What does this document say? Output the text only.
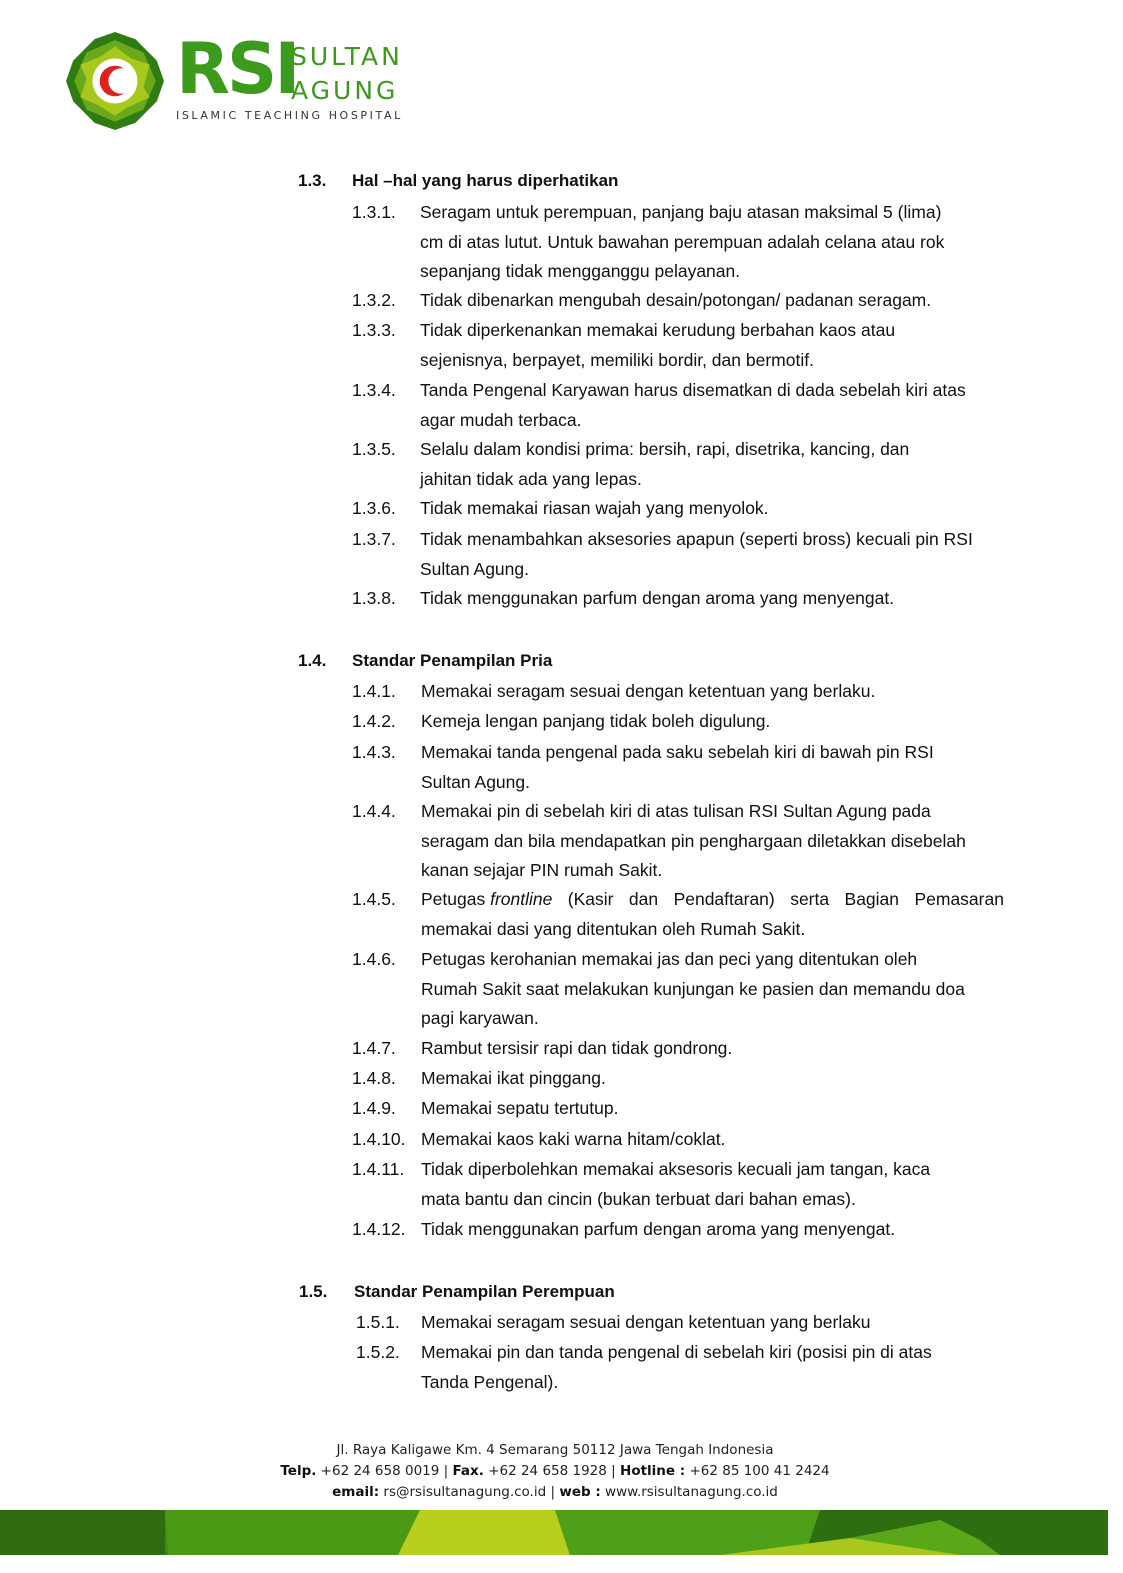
RSI
SULTAN
AGUNG
ISLAMIC TEACHING HOSPITAL
1.3. Hal –hal yang harus diperhatikan
1.3.1. Seragam untuk perempuan, panjang baju atasan maksimal 5 (lima)
cm di atas lutut. Untuk bawahan perempuan adalah celana atau rok
sepanjang tidak mengganggu pelayanan.
1.3.2. Tidak dibenarkan mengubah desain/potongan/ padanan seragam.
1.3.3. Tidak diperkenankan memakai kerudung berbahan kaos atau
sejenisnya, berpayet, memiliki bordir, dan bermotif.
1.3.4. Tanda Pengenal Karyawan harus disematkan di dada sebelah kiri atas
agar mudah terbaca.
1.3.5. Selalu dalam kondisi prima: bersih, rapi, disetrika, kancing, dan
jahitan tidak ada yang lepas.
1.3.6. Tidak memakai riasan wajah yang menyolok.
1.3.7. Tidak menambahkan aksesories apapun (seperti bross) kecuali pin RSI
Sultan Agung.
1.3.8. Tidak menggunakan parfum dengan aroma yang menyengat.
1.4. Standar Penampilan Pria
1.4.1. Memakai seragam sesuai dengan ketentuan yang berlaku.
1.4.2. Kemeja lengan panjang tidak boleh digulung.
1.4.3. Memakai tanda pengenal pada saku sebelah kiri di bawah pin RSI
Sultan Agung.
1.4.4. Memakai pin di sebelah kiri di atas tulisan RSI Sultan Agung pada
seragam dan bila mendapatkan pin penghargaan diletakkan disebelah
kanan sejajar PIN rumah Sakit.
1.4.5. Petugas frontline (Kasir dan Pendaftaran) serta Bagian Pemasaran
memakai dasi yang ditentukan oleh Rumah Sakit.
1.4.6. Petugas kerohanian memakai jas dan peci yang ditentukan oleh
Rumah Sakit saat melakukan kunjungan ke pasien dan memandu doa
pagi karyawan.
1.4.7. Rambut tersisir rapi dan tidak gondrong.
1.4.8. Memakai ikat pinggang.
1.4.9. Memakai sepatu tertutup.
1.4.10. Memakai kaos kaki warna hitam/coklat.
1.4.11. Tidak diperbolehkan memakai aksesoris kecuali jam tangan, kaca
mata bantu dan cincin (bukan terbuat dari bahan emas).
1.4.12. Tidak menggunakan parfum dengan aroma yang menyengat.
1.5. Standar Penampilan Perempuan
1.5.1. Memakai seragam sesuai dengan ketentuan yang berlaku
1.5.2. Memakai pin dan tanda pengenal di sebelah kiri (posisi pin di atas
Tanda Pengenal).
Jl. Raya Kaligawe Km. 4 Semarang 50112 Jawa Tengah Indonesia
Telp. +62 24 658 0019 | Fax. +62 24 658 1928 | Hotline : +62 85 100 41 2424
email: rs@rsisultanagung.co.id | web : www.rsisultanagung.co.id
